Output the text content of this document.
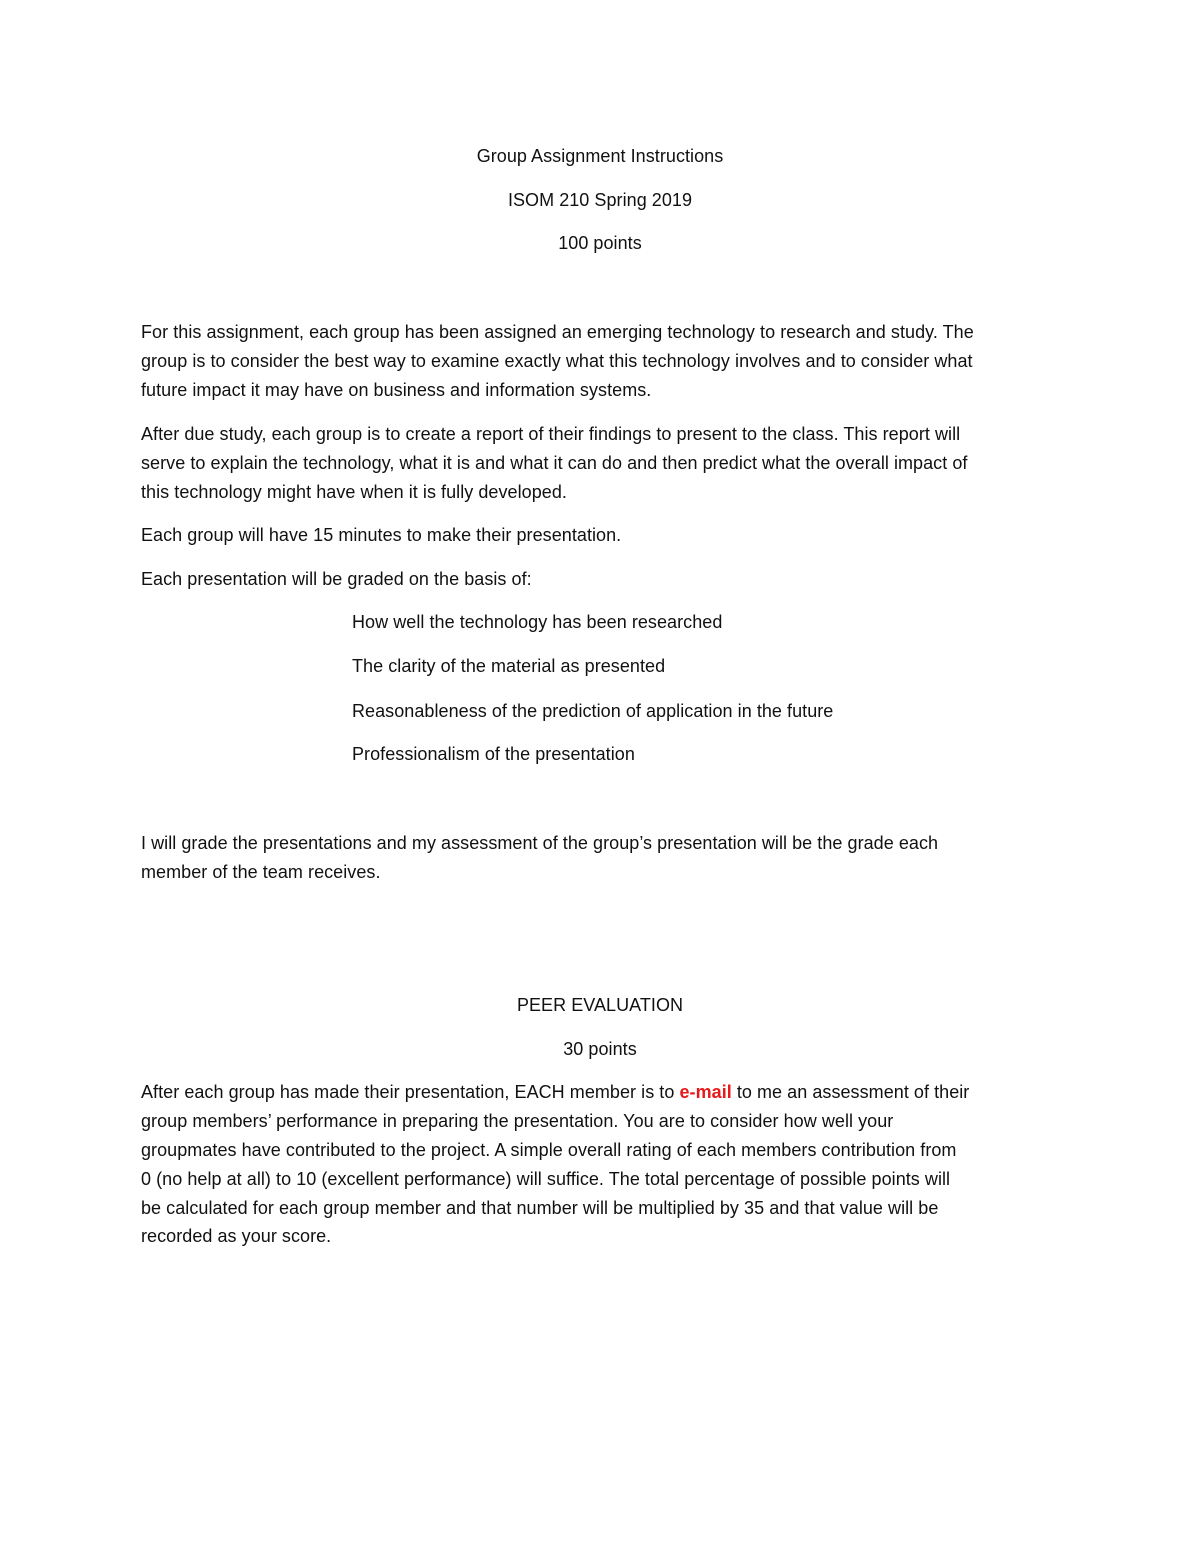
Group Assignment Instructions
ISOM 210 Spring 2019
100 points
For this assignment, each group has been assigned an emerging technology to research and study. The
group is to consider the best way to examine exactly what this technology involves and to consider what
future impact it may have on business and information systems.
After due study, each group is to create a report of their findings to present to the class. This report will
serve to explain the technology, what it is and what it can do and then predict what the overall impact of
this technology might have when it is fully developed.
Each group will have 15 minutes to make their presentation.
Each presentation will be graded on the basis of:
How well the technology has been researched
The clarity of the material as presented
Reasonableness of the prediction of application in the future
Professionalism of the presentation
I will grade the presentations and my assessment of the group’s presentation will be the grade each
member of the team receives.
PEER EVALUATION
30 points
After each group has made their presentation, EACH member is to e-mail to me an assessment of their
group members’ performance in preparing the presentation. You are to consider how well your
groupmates have contributed to the project. A simple overall rating of each members contribution from
0 (no help at all) to 10 (excellent performance) will suffice. The total percentage of possible points will
be calculated for each group member and that number will be multiplied by 35 and that value will be
recorded as your score.
